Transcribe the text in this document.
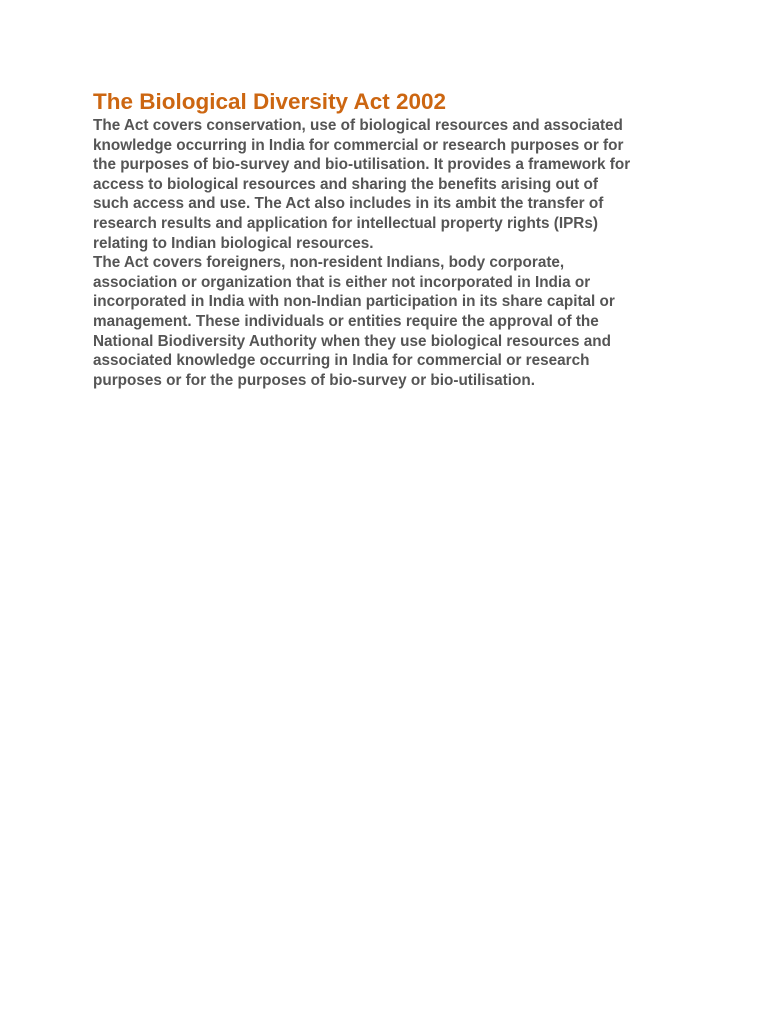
The Biological Diversity Act 2002

The Act covers conservation, use of biological resources and associated
knowledge occurring in India for commercial or research purposes or for
the purposes of bio-survey and bio-utilisation. It provides a framework for
access to biological resources and sharing the benefits arising out of
such access and use. The Act also includes in its ambit the transfer of
research results and application for intellectual property rights (IPRs)
relating to Indian biological resources.

The Act covers foreigners, non-resident Indians, body corporate,
association or organization that is either not incorporated in India or
incorporated in India with non-Indian participation in its share capital or
management. These individuals or entities require the approval of the
National Biodiversity Authority when they use biological resources and
associated knowledge occurring in India for commercial or research
purposes or for the purposes of bio-survey or bio-utilisation.
